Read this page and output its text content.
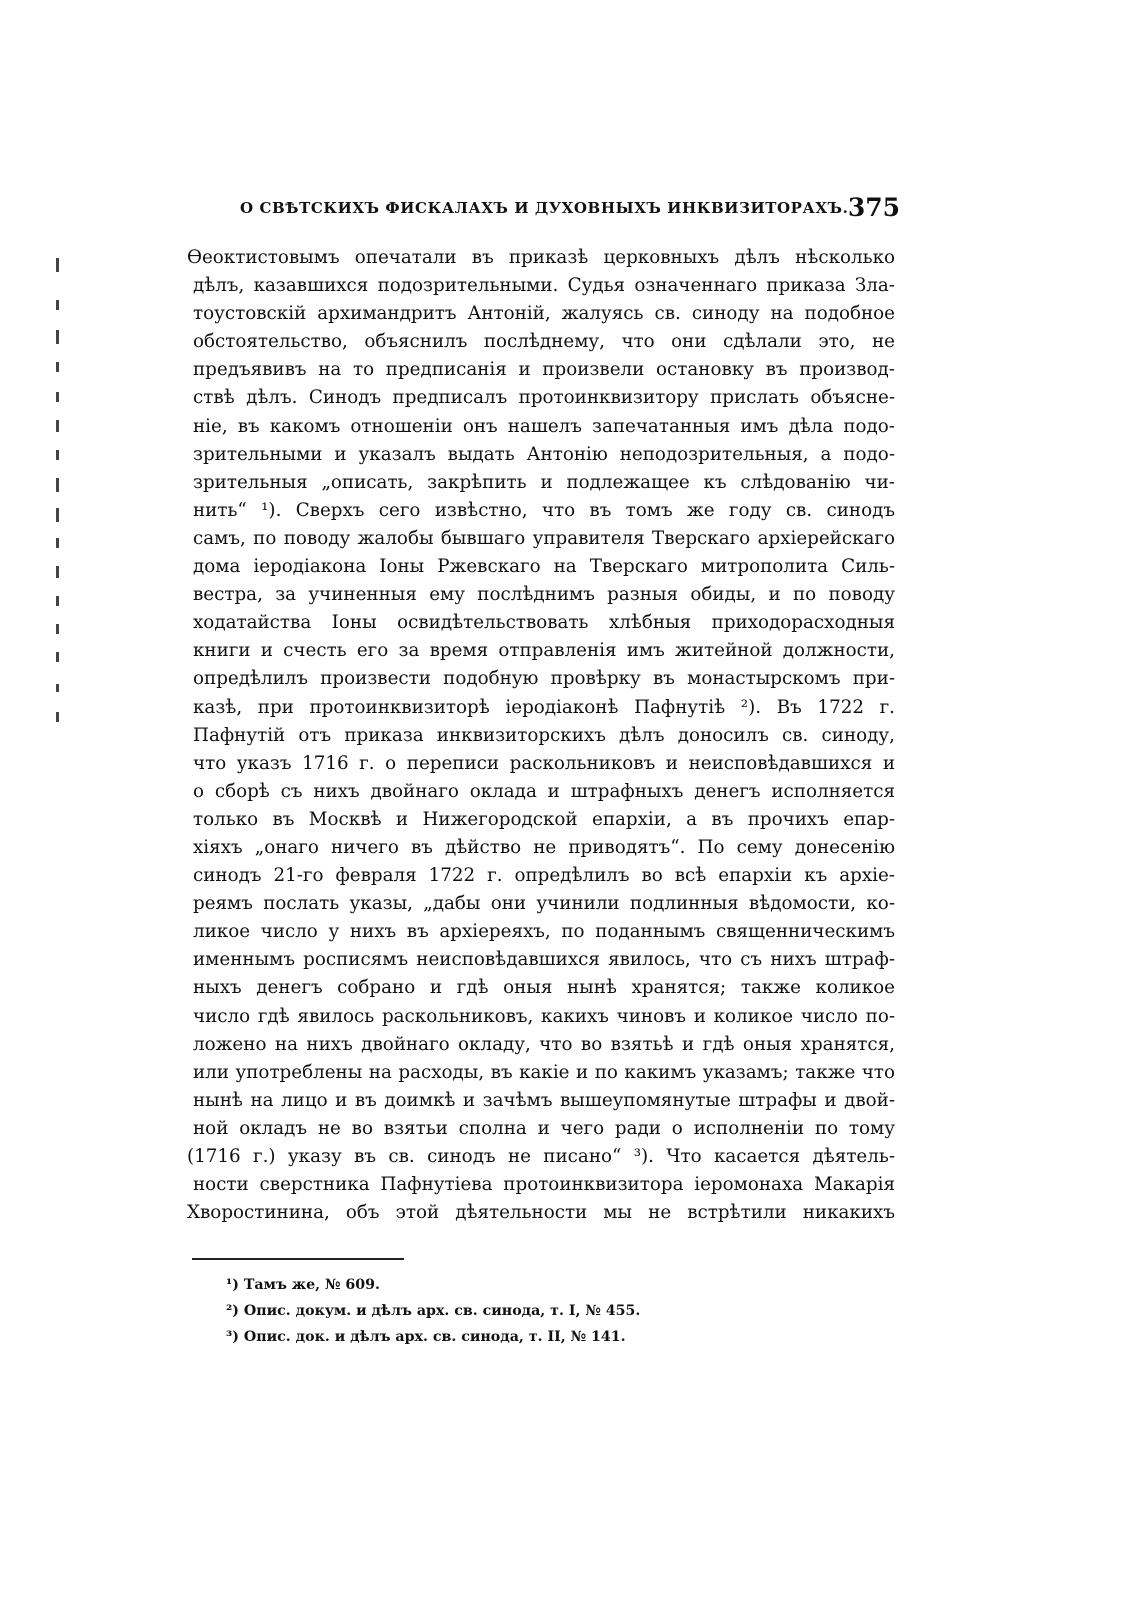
О СВѢТСКИХЪ ФИСКАЛАХЪ И ДУХОВНЫХЪ ИНКВИЗИТОРАХЪ. 375
Ѳеоктистовымъ опечатали въ приказѣ церковныхъ дѣлъ нѣсколько
дѣлъ, казавшихся подозрительными. Судья означеннаго приказа Зла-
тоустовскій архимандритъ Антоній, жалуясь св. синоду на подобное
обстоятельство, объяснилъ послѣднему, что они сдѣлали это, не
предъявивъ на то предписанія и произвели остановку въ производ-
ствѣ дѣлъ. Синодъ предписалъ протоинквизитору прислать объясне-
ніе, въ какомъ отношеніи онъ нашелъ запечатанныя имъ дѣла подо-
зрительными и указалъ выдать Антонію неподозрительныя, а подо-
зрительныя „описать, закрѣпить и подлежащее къ слѣдованію чи-
нить“ ¹). Сверхъ сего извѣстно, что въ томъ же году св. синодъ
самъ, по поводу жалобы бывшаго управителя Тверскаго архіерейскаго
дома іеродіакона Іоны Ржевскаго на Тверскаго митрополита Силь-
вестра, за учиненныя ему послѣднимъ разныя обиды, и по поводу
ходатайства Іоны освидѣтельствовать хлѣбныя приходорасходныя
книги и счесть его за время отправленія имъ житейной должности,
опредѣлилъ произвести подобную провѣрку въ монастырскомъ при-
казѣ, при протоинквизиторѣ іеродіаконѣ Пафнутіѣ ²). Въ 1722 г.
Пафнутій отъ приказа инквизиторскихъ дѣлъ доносилъ св. синоду,
что указъ 1716 г. о переписи раскольниковъ и неисповѣдавшихся и
о сборѣ съ нихъ двойнаго оклада и штрафныхъ денегъ исполняется
только въ Москвѣ и Нижегородской епархіи, а въ прочихъ епар-
хіяхъ „онаго ничего въ дѣйство не приводятъ“. По сему донесенію
синодъ 21-го февраля 1722 г. опредѣлилъ во всѣ епархіи къ архіе-
реямъ послать указы, „дабы они учинили подлинныя вѣдомости, ко-
ликое число у нихъ въ архіереяхъ, по поданнымъ священническимъ
именнымъ росписямъ неисповѣдавшихся явилось, что съ нихъ штраф-
ныхъ денегъ собрано и гдѣ оныя нынѣ хранятся; также коликое
число гдѣ явилось раскольниковъ, какихъ чиновъ и коликое число по-
ложено на нихъ двойнаго окладу, что во взятьѣ и гдѣ оныя хранятся,
или употреблены на расходы, въ какіе и по какимъ указамъ; также что
нынѣ на лицо и въ доимкѣ и зачѣмъ вышеупомянутые штрафы и двой-
ной окладъ не во взятьи сполна и чего ради о исполненіи по тому
(1716 г.) указу въ св. синодъ не писано“ ³). Что касается дѣятель-
ности сверстника Пафнутіева протоинквизитора іеромонаха Макарія
Хворостинина, объ этой дѣятельности мы не встрѣтили никакихъ
¹) Тамъ же, № 609.
²) Опис. докум. и дѣлъ арх. св. синода, т. I, № 455.
³) Опис. док. и дѣлъ арх. св. синода, т. II, № 141.
